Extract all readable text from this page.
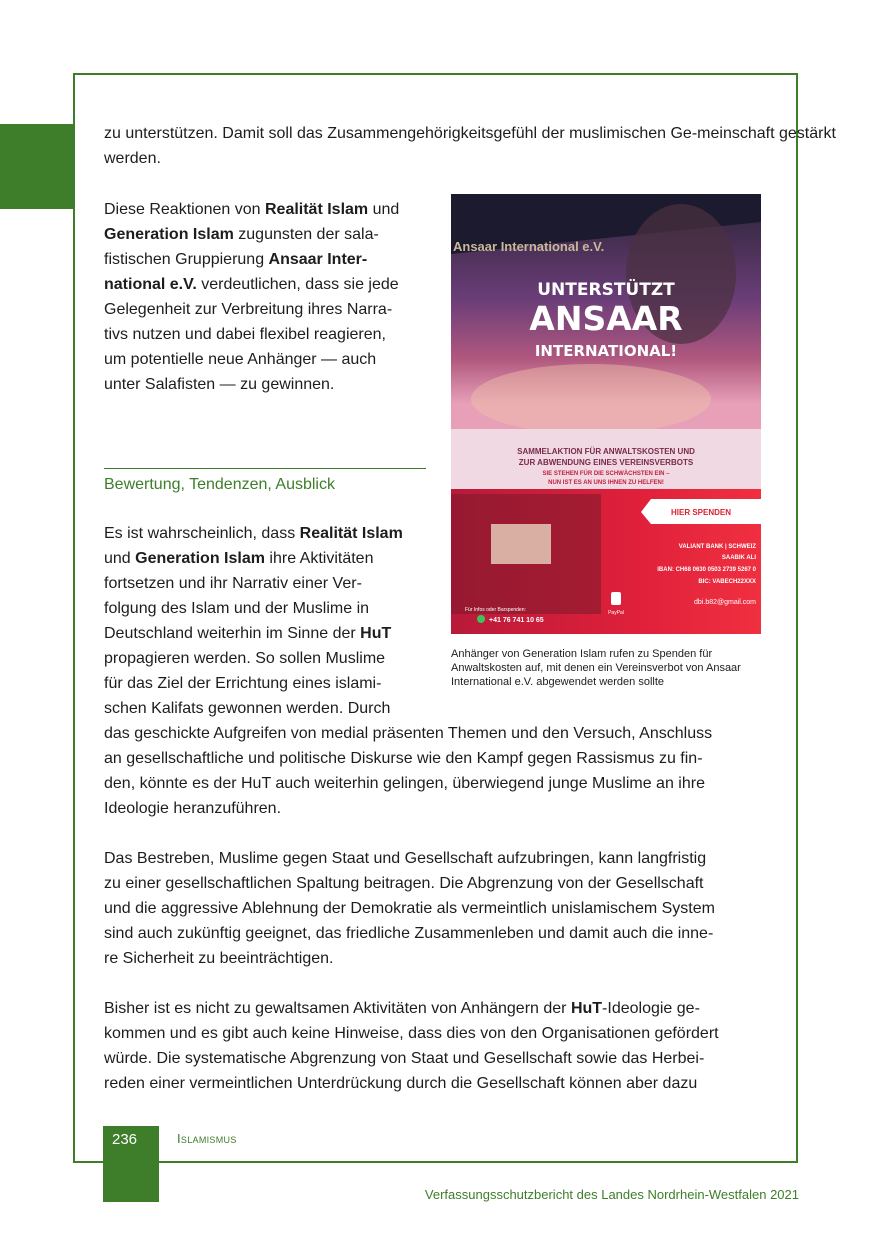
zu unterstützen. Damit soll das Zusammengehörigkeitsgefühl der muslimischen Ge-meinschaft gestärkt werden.

Diese Reaktionen von Realität Islam und
Generation Islam zugunsten der sala-
fistischen Gruppierung Ansaar Inter-
national e.V. verdeutlichen, dass sie jede
Gelegenheit zur Verbreitung ihres Narra-
tivs nutzen und dabei flexibel reagieren,
um potentielle neue Anhänger — auch
unter Salafisten — zu gewinnen.

Bewertung, Tendenzen, Ausblick

Es ist wahrscheinlich, dass Realität Islam
und Generation Islam ihre Aktivitäten
fortsetzen und ihr Narrativ einer Ver-
folgung des Islam und der Muslime in
Deutschland weiterhin im Sinne der HuT
propagieren werden. So sollen Muslime
für das Ziel der Errichtung eines islami-
schen Kalifats gewonnen werden. Durch
das geschickte Aufgreifen von medial präsenten Themen und den Versuch, Anschluss
an gesellschaftliche und politische Diskurse wie den Kampf gegen Rassismus zu fin-
den, könnte es der HuT auch weiterhin gelingen, überwiegend junge Muslime an ihre
Ideologie heranzuführen.

Das Bestreben, Muslime gegen Staat und Gesellschaft aufzubringen, kann langfristig
zu einer gesellschaftlichen Spaltung beitragen. Die Abgrenzung von der Gesellschaft
und die aggressive Ablehnung der Demokratie als vermeintlich unislamischem System
sind auch zukünftig geeignet, das friedliche Zusammenleben und damit auch die inne-
re Sicherheit zu beeinträchtigen.

Bisher ist es nicht zu gewaltsamen Aktivitäten von Anhängern der HuT-Ideologie ge-
kommen und es gibt auch keine Hinweise, dass dies von den Organisationen gefördert
würde. Die systematische Abgrenzung von Staat und Gesellschaft sowie das Herbei-
reden einer vermeintlichen Unterdrückung durch die Gesellschaft können aber dazu

Ansaar International e.V.
UNTERSTÜTZT
ANSAAR
INTERNATIONAL!
SAMMELAKTION FÜR ANWALTSKOSTEN UND
ZUR ABWENDUNG EINES VEREINSVERBOTS
SIE STEHEN FÜR DIE SCHWÄCHSTEN EIN –
NUN IST ES AN UNS IHNEN ZU HELFEN!
HIER SPENDEN
VALIANT BANK | SCHWEIZ
SAABIK ALI
IBAN: CH68 0630 0503 2739 5267 0
BIC: VABECH22XXX
PayPal
dbi.b82@gmail.com
Für Infos oder Barspenden:
+41 76 741 10 65
Anhänger von Generation Islam rufen zu Spenden für Anwaltskosten auf, mit denen ein Vereinsverbot von Ansaar International e.V. abgewendet werden sollte
236	Islamismus
Verfassungsschutzbericht des Landes Nordrhein-Westfalen 2021
